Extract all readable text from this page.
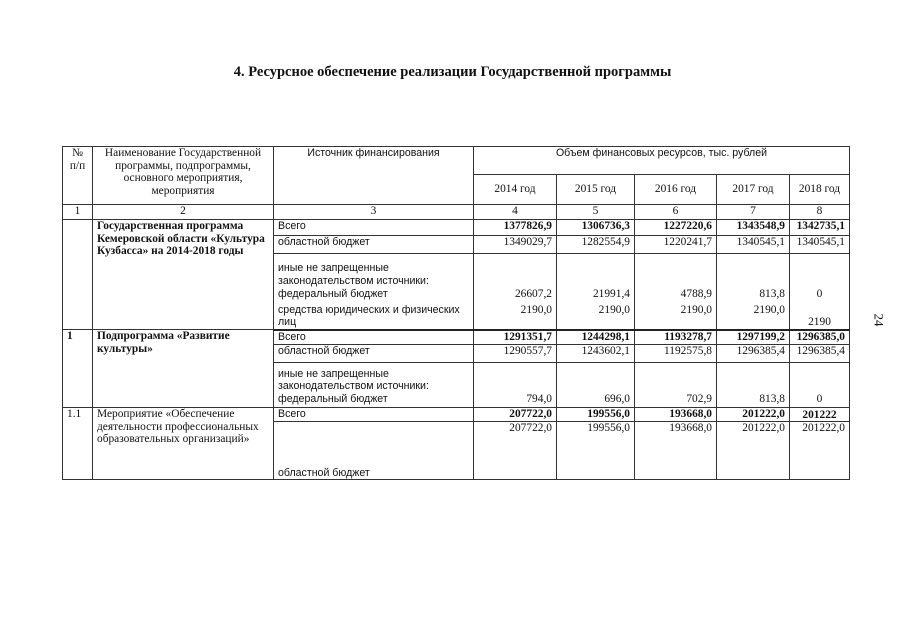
4. Ресурсное обеспечение реализации Государственной программы
№ п/п	Наименование Государственной программы, подпрограммы, основного мероприятия, мероприятия	Источник финансирования	Объем финансовых ресурсов, тыс. рублей				
			2014 год	2015 год	2016 год	2017 год	2018 год
1	2	3	4	5	6	7	8
	Государственная программа Кемеровской области «Культура Кузбасса» на 2014-2018 годы	Всего	1377826,9	1306736,3	1227220,6	1343548,9	1342735,1
		областной бюджет	1349029,7	1282554,9	1220241,7	1340545,1	1340545,1
		иные не запрещенные законодательством источники:					
		федеральный бюджет	26607,2	21991,4	4788,9	813,8	0
		средства юридических и физических лиц	2190,0	2190,0	2190,0	2190,0	2190
1	Подпрограмма «Развитие культуры»	Всего	1291351,7	1244298,1	1193278,7	1297199,2	1296385,0
		областной бюджет	1290557,7	1243602,1	1192575,8	1296385,4	1296385,4
		иные не запрещенные законодательством источники:					
		федеральный бюджет	794,0	696,0	702,9	813,8	0
1.1	Мероприятие «Обеспечение деятельности профессиональных образовательных организаций»	Всего	207722,0	199556,0	193668,0	201222,0	201222
		областной бюджет	207722,0	199556,0	193668,0	201222,0	201222,0
24
